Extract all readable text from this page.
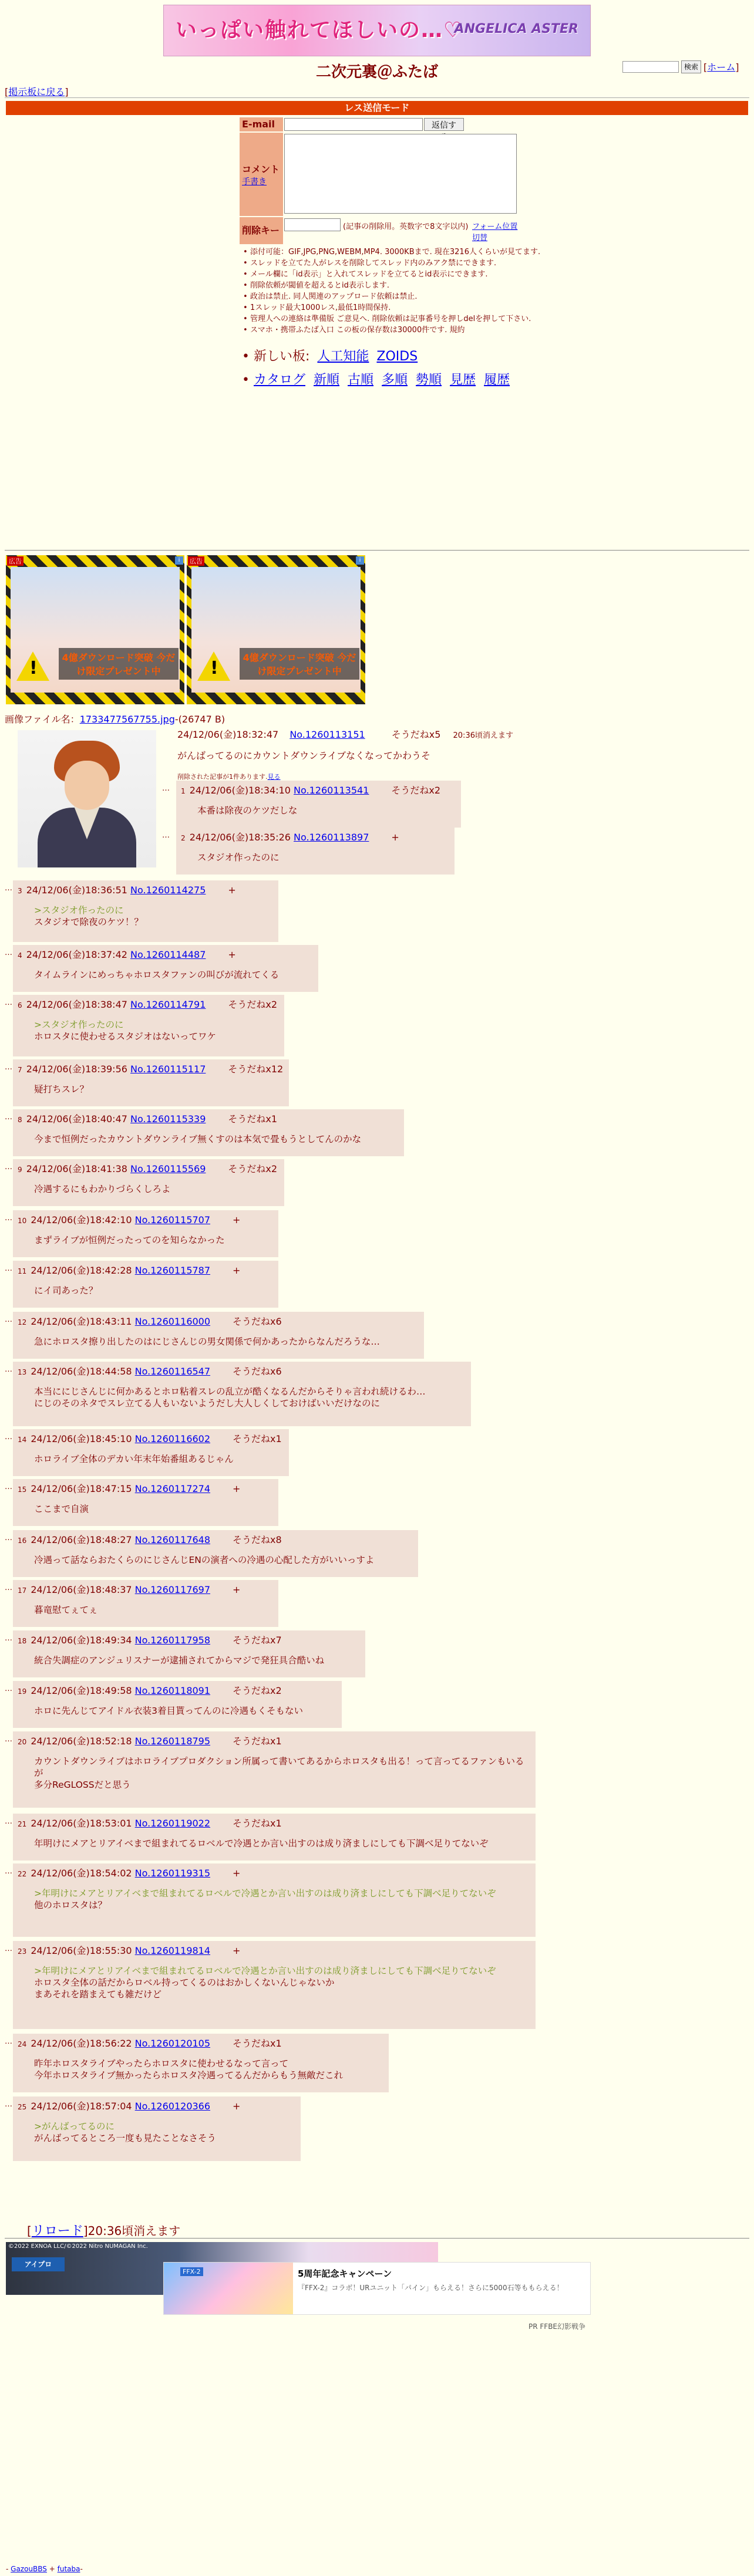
いっぱい触れてほしいの…♡
ANGELICA ASTER
二次元裏＠ふたば	検索 [ホーム]
[掲示板に戻る]
レス送信モード
E-mail	返信す
コメント
手書き
削除キー	(記事の削除用。英数字で8文字以内) フォーム位置切替
• 添付可能：GIF,JPG,PNG,WEBM,MP4. 3000KBまで. 現在3216人くらいが見てます.
• スレッドを立てた人がレスを削除してスレッド内のみアク禁にできます.
• メール欄に「id表示」と入れてスレッドを立てるとid表示にできます.
• 削除依頼が閾値を超えるとid表示します.
• 政治は禁止. 同人関連のアップロード依頼は禁止.
• 1スレッド最大1000レス,最低1時間保持.
• 管理人への連絡は準備版 ご意見へ. 削除依頼は記事番号を押しdelを押して下さい.
• スマホ・携帯ふたば入口 この板の保存数は30000件です. 規約
• 新しい板: 人工知能 ZOIDS
• カタログ 新順 古順 多順 勢順 見歴 履歴
広告	i
!
4億ダウンロード突破 今だけ限定プレゼント中
広告	i
!
4億ダウンロード突破 今だけ限定プレゼント中
画像ファイル名：1733477567755.jpg-(26747 B)
24/12/06(金)18:32:47 No.1260113151	そうだねx5 20:36頃消えます
がんばってるのにカウントダウンライブなくなってかわうそ
削除された記事が1件あります.見る
… 1 24/12/06(金)18:34:10 No.1260113541 そうだねx2
本番は除夜のケツだしな
… 2 24/12/06(金)18:35:26 No.1260113897 +
スタジオ作ったのに
… 3 24/12/06(金)18:36:51 No.1260114275 +
>スタジオ作ったのに
スタジオで除夜のケツ！？
… 4 24/12/06(金)18:37:42 No.1260114487 +
タイムラインにめっちゃホロスタファンの叫びが流れてくる
… 6 24/12/06(金)18:38:47 No.1260114791 そうだねx2
>スタジオ作ったのに
ホロスタに使わせるスタジオはないってワケ
… 7 24/12/06(金)18:39:56 No.1260115117 そうだねx12
疑打ちスレ？
… 8 24/12/06(金)18:40:47 No.1260115339 そうだねx1
今まで恒例だったカウントダウンライブ無くすのは本気で畳もうとしてんのかな
… 9 24/12/06(金)18:41:38 No.1260115569 そうだねx2
冷遇するにもわかりづらくしろよ
… 10 24/12/06(金)18:42:10 No.1260115707 +
まずライブが恒例だったってのを知らなかった
… 11 24/12/06(金)18:42:28 No.1260115787 +
にイ司あった？
… 12 24/12/06(金)18:43:11 No.1260116000 そうだねx6
急にホロスタ擦り出したのはにじさんじの男女関係で何かあったからなんだろうな…
… 13 24/12/06(金)18:44:58 No.1260116547 そうだねx6
本当ににじさんじに何かあるとホロ粘着スレの乱立が酷くなるんだからそりゃ言われ続けるわ…
にじのそのネタでスレ立てる人もいないようだし大人しくしておけばいいだけなのに
… 14 24/12/06(金)18:45:10 No.1260116602 そうだねx1
ホロライブ全体のデカい年末年始番組あるじゃん
… 15 24/12/06(金)18:47:15 No.1260117274 +
ここまで自演
… 16 24/12/06(金)18:48:27 No.1260117648 そうだねx8
冷遇って話ならおたくらのにじさんじENの演者への冷遇の心配した方がいいっすよ
… 17 24/12/06(金)18:48:37 No.1260117697 +
暮竜慰てぇてぇ
… 18 24/12/06(金)18:49:34 No.1260117958 そうだねx7
統合失調症のアンジュリスナーが逮捕されてからマジで発狂具合酷いね
… 19 24/12/06(金)18:49:58 No.1260118091 そうだねx2
ホロに先んじてアイドル衣装3着目貰ってんのに冷遇もくそもない
… 20 24/12/06(金)18:52:18 No.1260118795 そうだねx1
カウントダウンライブはホロライブプロダクション所属って書いてあるからホロスタも出る！って言ってるファンもいるが
多分ReGLOSSだと思う
… 21 24/12/06(金)18:53:01 No.1260119022 そうだねx1
年明けにメアとリアイベまで組まれてるロベルで冷遇とか言い出すのは成り済ましにしても下調べ足りてないぞ
… 22 24/12/06(金)18:54:02 No.1260119315 +
>年明けにメアとリアイベまで組まれてるロベルで冷遇とか言い出すのは成り済ましにしても下調べ足りてないぞ
他のホロスタは？
… 23 24/12/06(金)18:55:30 No.1260119814 +
>年明けにメアとリアイベまで組まれてるロベルで冷遇とか言い出すのは成り済ましにしても下調べ足りてないぞ
ホロスタ全体の話だからロベル持ってくるのはおかしくないんじゃないか
まあそれを踏まえても雑だけど
… 24 24/12/06(金)18:56:22 No.1260120105 そうだねx1
昨年ホロスタライブやったらホロスタに使わせるなって言って
今年ホロスタライブ無かったらホロスタ冷遇ってるんだからもう無敵だこれ
… 25 24/12/06(金)18:57:04 No.1260120366 +
>がんばってるのに
がんばってるところ一度も見たことなさそう
[リロード]20:36頃消えます
©2022 EXNOA LLC/©2022 Nitro NUMAGAN Inc.
アイプロ
FFX-2	5周年記念キャンペーン
『FFX-2』コラボ！URユニット「パイン」もらえる！さらに5000石等ももらえる！
PR FFBE幻影戦争
- GazouBBS + futaba-
